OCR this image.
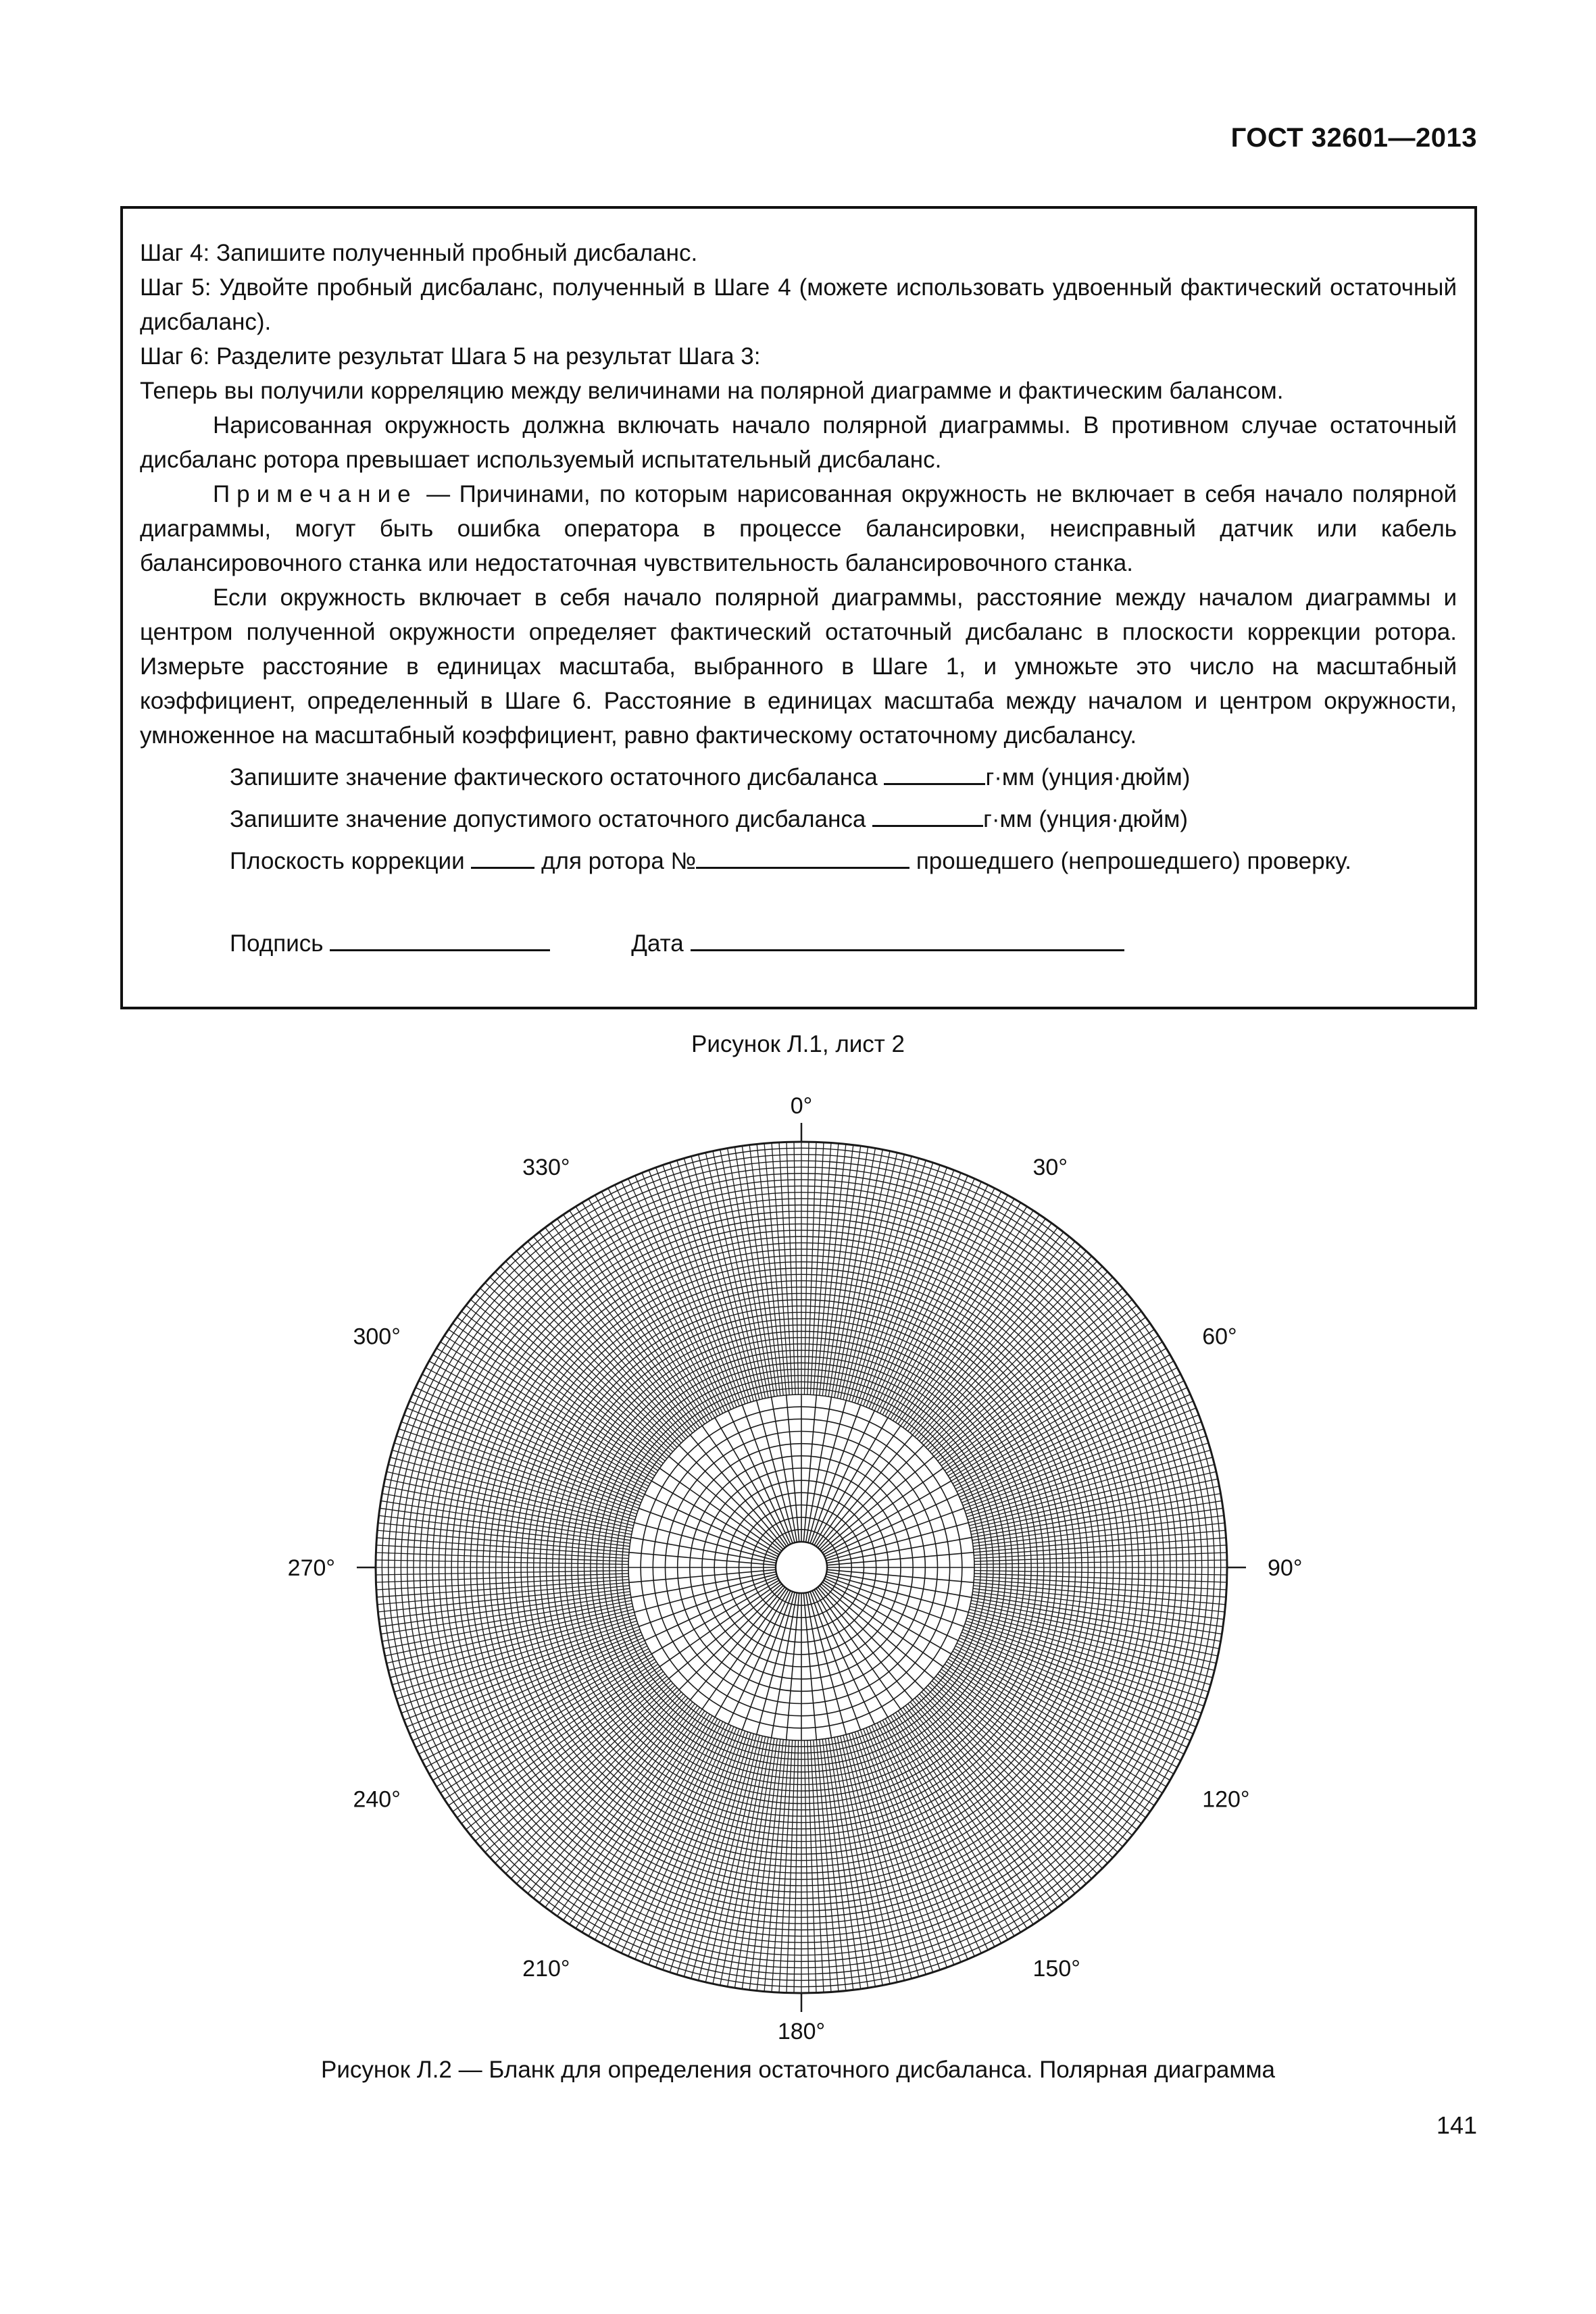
ГОСТ 32601—2013

Шаг 4: Запишите полученный пробный дисбаланс.

Шаг 5: Удвойте пробный дисбаланс, полученный в Шаге 4 (можете использовать удвоенный фактический остаточный дисбаланс).

Шаг 6: Разделите результат Шага 5 на результат Шага 3:

Теперь вы получили корреляцию между величинами на полярной диаграмме и фактическим балансом.

Нарисованная окружность должна включать начало полярной диаграммы. В противном случае остаточный дисбаланс ротора превышает используемый испытательный дисбаланс.

Примечание — Причинами, по которым нарисованная окружность не включает в себя начало полярной диаграммы, могут быть ошибка оператора в процессе балансировки, неисправный датчик или кабель балансировочного станка или недостаточная чувствительность балансировочного станка.

Если окружность включает в себя начало полярной диаграммы, расстояние между началом диаграммы и центром полученной окружности определяет фактический остаточный дисбаланс в плоскости коррекции ротора. Измерьте расстояние в единицах масштаба, выбранного в Шаге 1, и умножьте это число на масштабный коэффициент, определенный в Шаге 6. Расстояние в единицах масштаба между началом и центром окружности, умноженное на масштабный коэффициент, равно фактическому остаточному дисбалансу.

Запишите значение фактического остаточного дисбаланса	г·мм (унция·дюйм)

Запишите значение допустимого остаточного дисбаланса	г·мм (унция·дюйм)

Плоскость коррекции	для ротора №	прошедшего (непрошедшего) проверку.

Подпись	Дата

Рисунок Л.1, лист 2
0°
30°
60°
90°
120°
150°
180°
210°
240°
270°
300°
330°
Рисунок Л.2 — Бланк для определения остаточного дисбаланса. Полярная диаграмма
141
